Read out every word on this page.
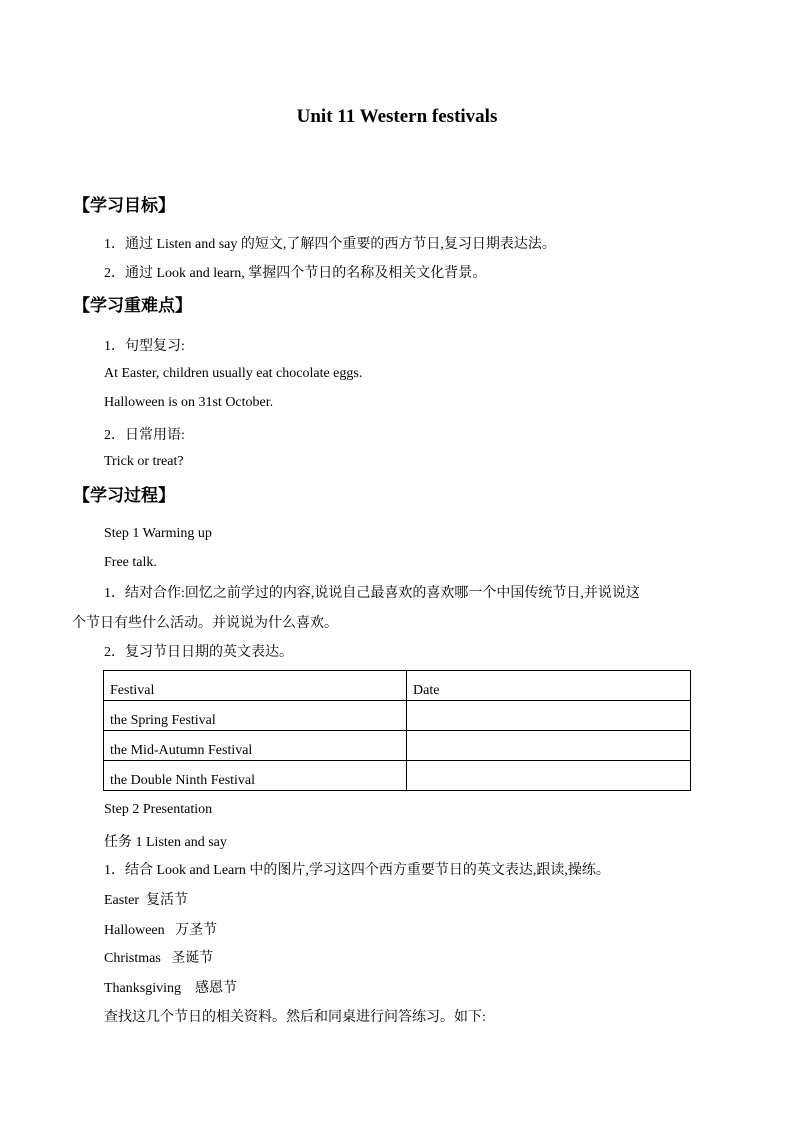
Unit 11 Western festivals
【学习目标】
1．通过 Listen and say 的短文,了解四个重要的西方节日,复习日期表达法。
2．通过 Look and learn, 掌握四个节日的名称及相关文化背景。
【学习重难点】
1．句型复习:
At Easter, children usually eat chocolate eggs.
Halloween is on 31st October.
2．日常用语:
Trick or treat?
【学习过程】
Step 1 Warming up
Free talk.
1．结对合作:回忆之前学过的内容,说说自己最喜欢的喜欢哪一个中国传统节日,并说说这
个节日有些什么活动。并说说为什么喜欢。
2．复习节日日期的英文表达。
Festival	Date
the Spring Festival	
the Mid-Autumn Festival	
the Double Ninth Festival	
Step 2 Presentation
任务 1 Listen and say
1．结合 Look and Learn 中的图片,学习这四个西方重要节日的英文表达,跟读,操练。
Easter 复活节
Halloween 万圣节
Christmas 圣诞节
Thanksgiving 感恩节
查找这几个节日的相关资料。然后和同桌进行问答练习。如下:
